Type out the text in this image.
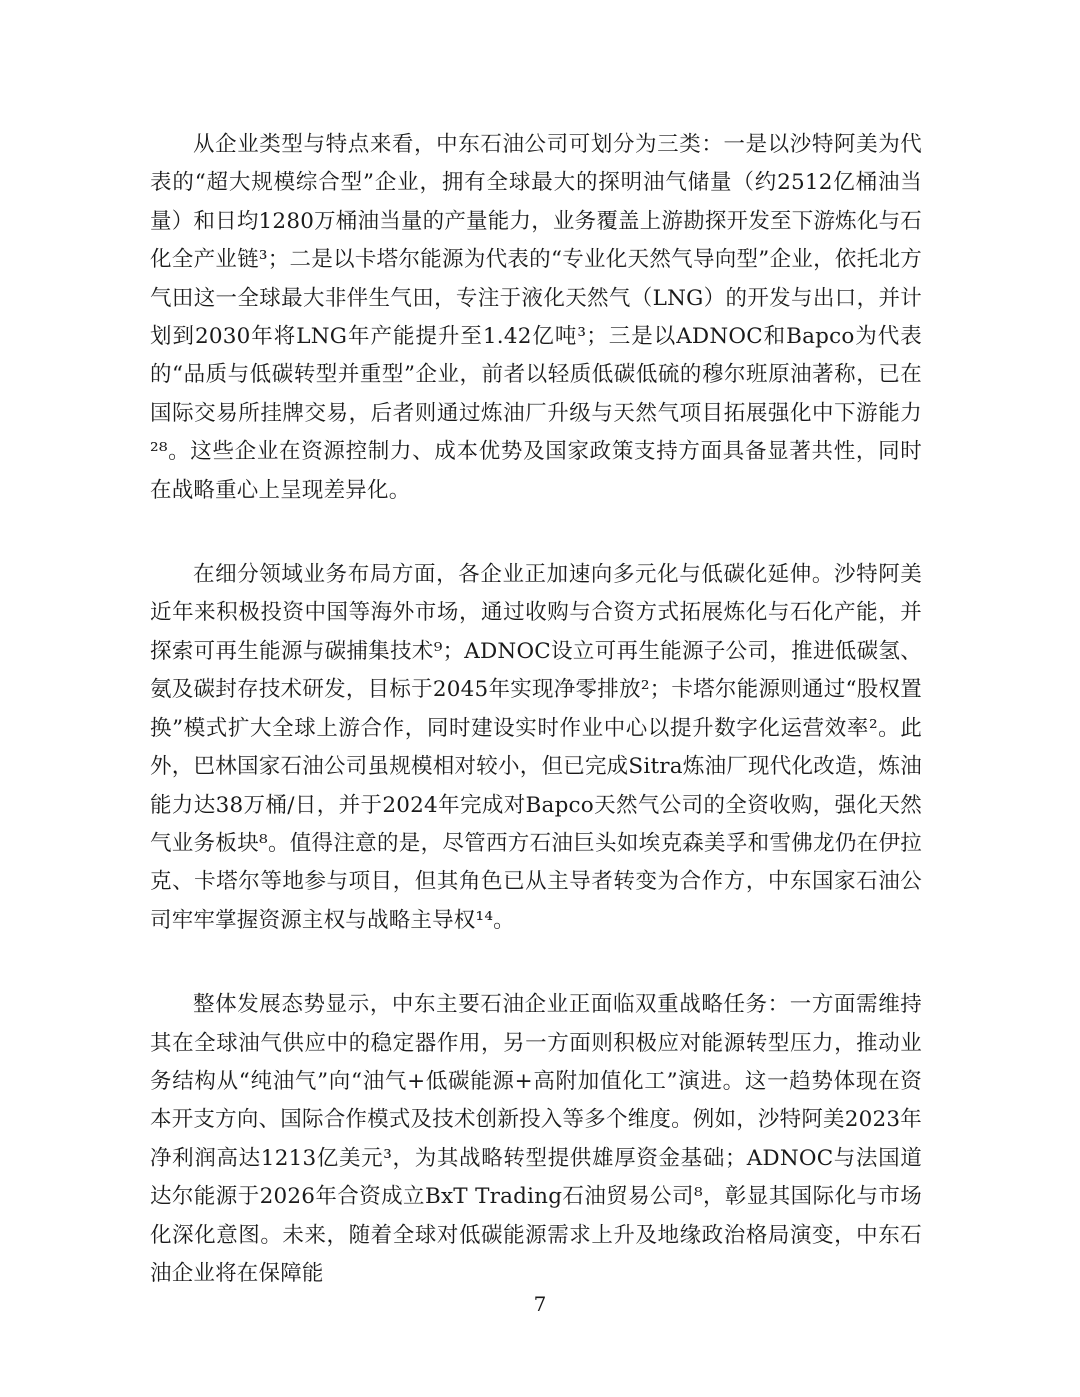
从企业类型与特点来看，中东石油公司可划分为三类：一是以沙特阿美为代表的“超大规模综合型”企业，拥有全球最大的探明油气储量（约2512亿桶油当量）和日均1280万桶油当量的产量能力，业务覆盖上游勘探开发至下游炼化与石化全产业链³；二是以卡塔尔能源为代表的“专业化天然气导向型”企业，依托北方气田这一全球最大非伴生气田，专注于液化天然气（LNG）的开发与出口，并计划到2030年将LNG年产能提升至1.42亿吨³；三是以ADNOC和Bapco为代表的“品质与低碳转型并重型”企业，前者以轻质低碳低硫的穆尔班原油著称，已在国际交易所挂牌交易，后者则通过炼油厂升级与天然气项目拓展强化中下游能力²⁸。这些企业在资源控制力、成本优势及国家政策支持方面具备显著共性，同时在战略重心上呈现差异化。

在细分领域业务布局方面，各企业正加速向多元化与低碳化延伸。沙特阿美近年来积极投资中国等海外市场，通过收购与合资方式拓展炼化与石化产能，并探索可再生能源与碳捕集技术⁹；ADNOC设立可再生能源子公司，推进低碳氢、氨及碳封存技术研发，目标于2045年实现净零排放²；卡塔尔能源则通过“股权置换”模式扩大全球上游合作，同时建设实时作业中心以提升数字化运营效率²。此外，巴林国家石油公司虽规模相对较小，但已完成Sitra炼油厂现代化改造，炼油能力达38万桶/日，并于2024年完成对Bapco天然气公司的全资收购，强化天然气业务板块⁸。值得注意的是，尽管西方石油巨头如埃克森美孚和雪佛龙仍在伊拉克、卡塔尔等地参与项目，但其角色已从主导者转变为合作方，中东国家石油公司牢牢掌握资源主权与战略主导权¹⁴。

整体发展态势显示，中东主要石油企业正面临双重战略任务：一方面需维持其在全球油气供应中的稳定器作用，另一方面则积极应对能源转型压力，推动业务结构从“纯油气”向“油气+低碳能源+高附加值化工”演进。这一趋势体现在资本开支方向、国际合作模式及技术创新投入等多个维度。例如，沙特阿美2023年净利润高达1213亿美元³，为其战略转型提供雄厚资金基础；ADNOC与法国道达尔能源于2026年合资成立BxT Trading石油贸易公司⁸，彰显其国际化与市场化深化意图。未来，随着全球对低碳能源需求上升及地缘政治格局演变，中东石油企业将在保障能

7
